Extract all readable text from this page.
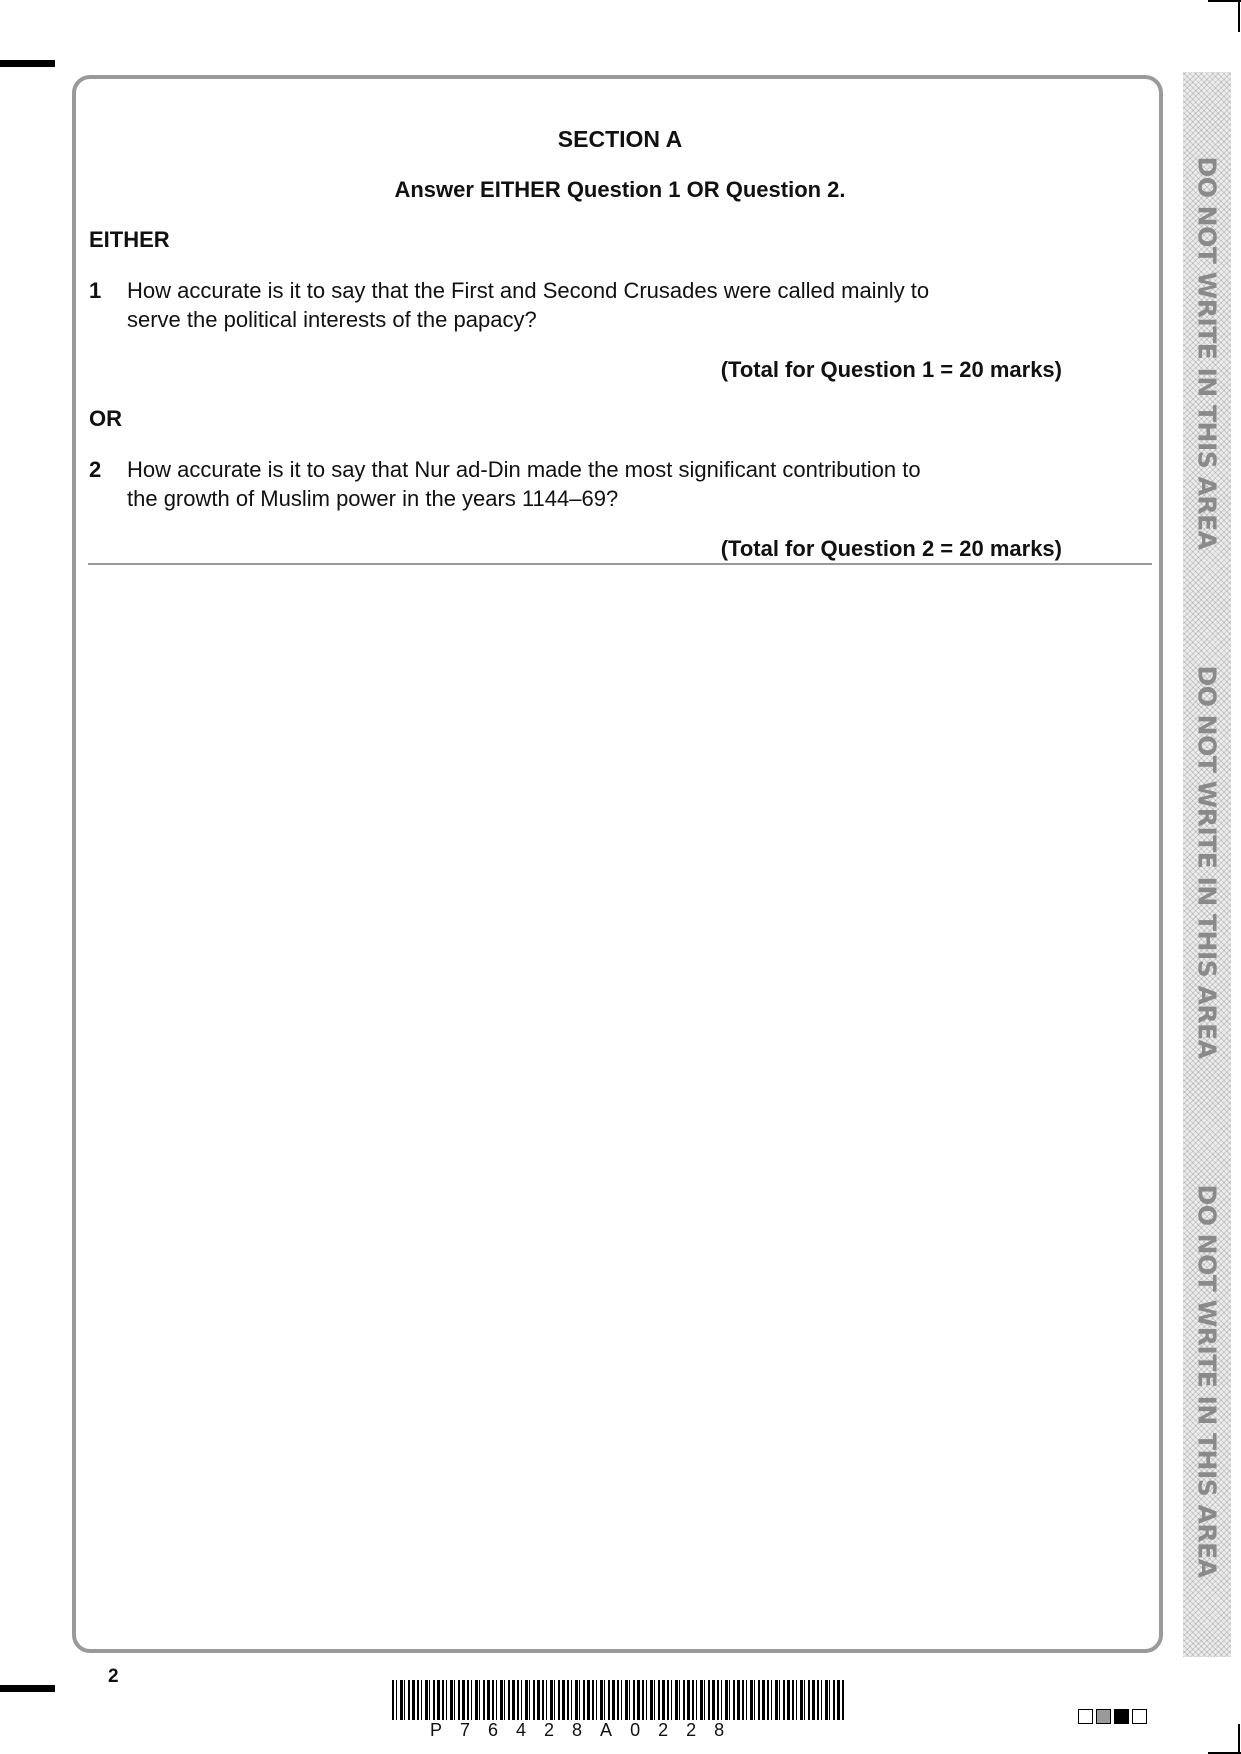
DO NOT WRITE IN THIS AREA
DO NOT WRITE IN THIS AREA
DO NOT WRITE IN THIS AREA
SECTION A
Answer EITHER Question 1 OR Question 2.
EITHER
1 How accurate is it to say that the First and Second Crusades were called mainly to
serve the political interests of the papacy?
(Total for Question 1 = 20 marks)
OR
2 How accurate is it to say that Nur ad-Din made the most significant contribution to
the growth of Muslim power in the years 1144–69?
(Total for Question 2 = 20 marks)
2
P76428A0228
